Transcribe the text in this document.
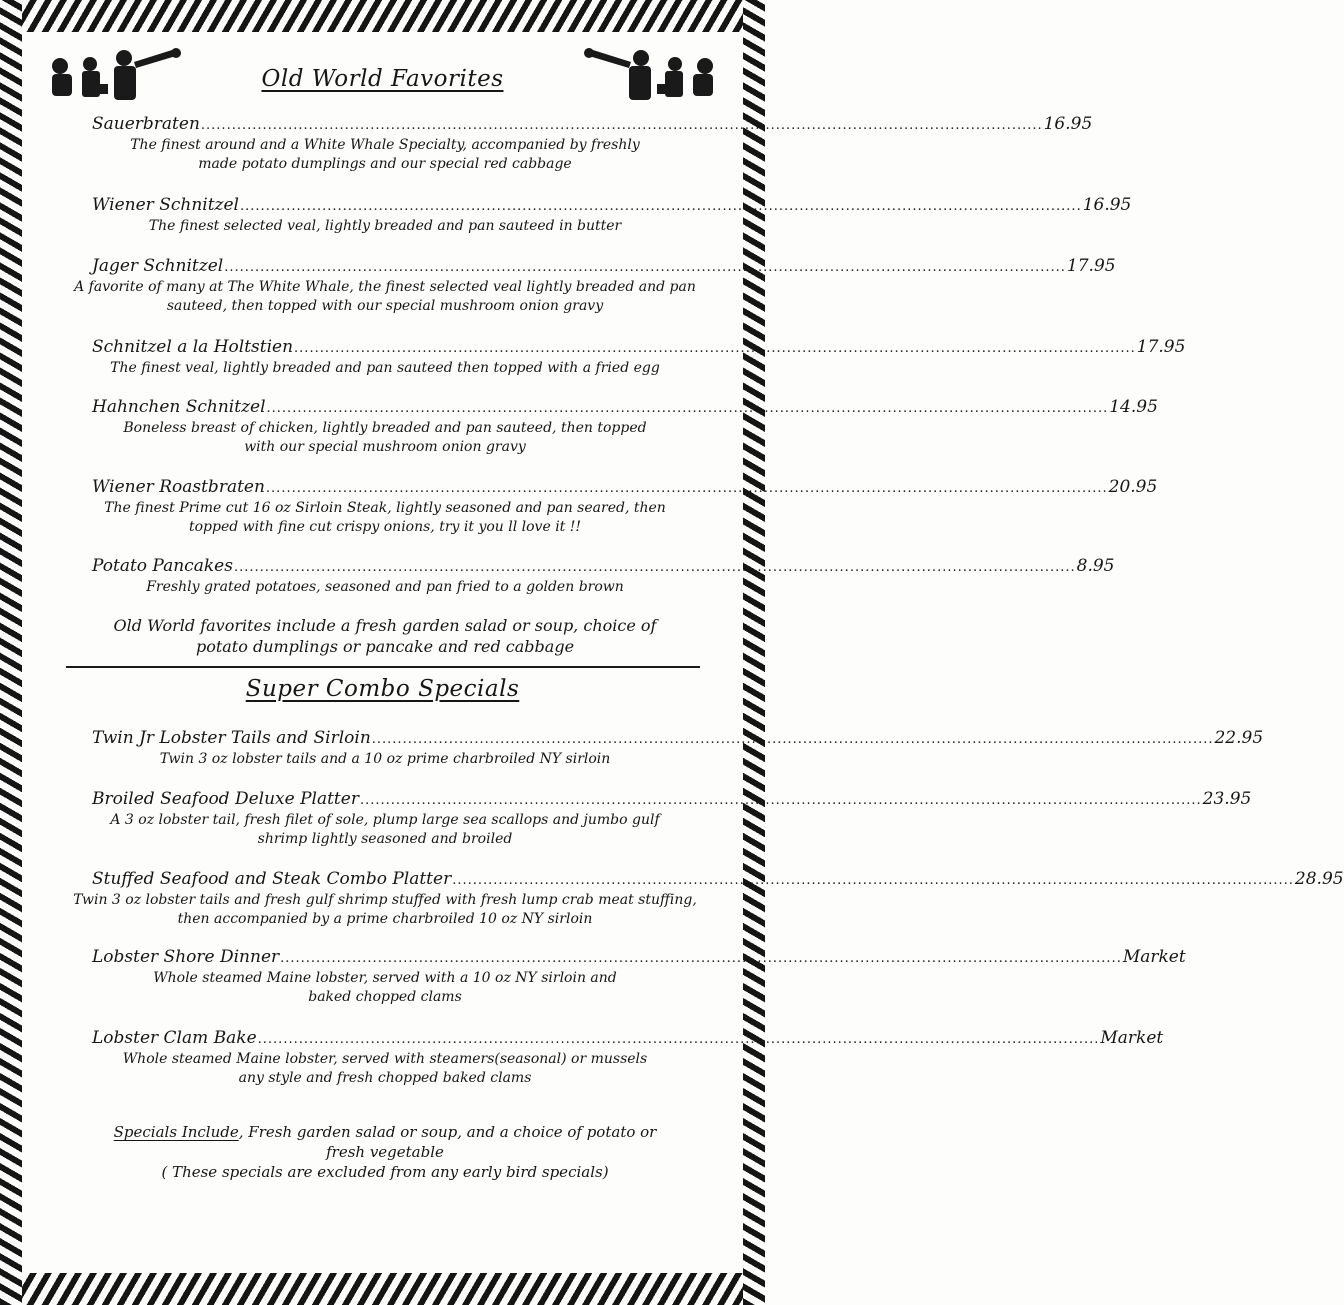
Old World Favorites
Sauerbraten .................................................................................................................................................................... 16.95
The finest around and a White Whale Specialty, accompanied by freshly made potato dumplings and our special red cabbage
Wiener Schnitzel .................................................................................................................................................................... 16.95
The finest selected veal, lightly breaded and pan sauteed in butter
Jager Schnitzel .................................................................................................................................................................... 17.95
A favorite of many at The White Whale, the finest selected veal lightly breaded and pan sauteed, then topped with our special mushroom onion gravy
Schnitzel a la Holtstien .................................................................................................................................................................... 17.95
The finest veal, lightly breaded and pan sauteed then topped with a fried egg
Hahnchen Schnitzel .................................................................................................................................................................... 14.95
Boneless breast of chicken, lightly breaded and pan sauteed, then topped with our special mushroom onion gravy
Wiener Roastbraten .................................................................................................................................................................... 20.95
The finest Prime cut 16 oz Sirloin Steak, lightly seasoned and pan seared, then topped with fine cut crispy onions, try it you ll love it !!
Potato Pancakes .................................................................................................................................................................... 8.95
Freshly grated potatoes, seasoned and pan fried to a golden brown
Old World favorites include a fresh garden salad or soup, choice of potato dumplings or pancake and red cabbage
Super Combo Specials
Twin Jr Lobster Tails and Sirloin .................................................................................................................................................................... 22.95
Twin 3 oz lobster tails and a 10 oz prime charbroiled NY sirloin
Broiled Seafood Deluxe Platter .................................................................................................................................................................... 23.95
A 3 oz lobster tail, fresh filet of sole, plump large sea scallops and jumbo gulf shrimp lightly seasoned and broiled
Stuffed Seafood and Steak Combo Platter .................................................................................................................................................................... 28.95
Twin 3 oz lobster tails and fresh gulf shrimp stuffed with fresh lump crab meat stuffing, then accompanied by a prime charbroiled 10 oz NY sirloin
Lobster Shore Dinner .................................................................................................................................................................... Market
Whole steamed Maine lobster, served with a 10 oz NY sirloin and baked chopped clams
Lobster Clam Bake .................................................................................................................................................................... Market
Whole steamed Maine lobster, served with steamers(seasonal) or mussels any style and fresh chopped baked clams
Specials Include, Fresh garden salad or soup, and a choice of potato or fresh vegetable
( These specials are excluded from any early bird specials)
